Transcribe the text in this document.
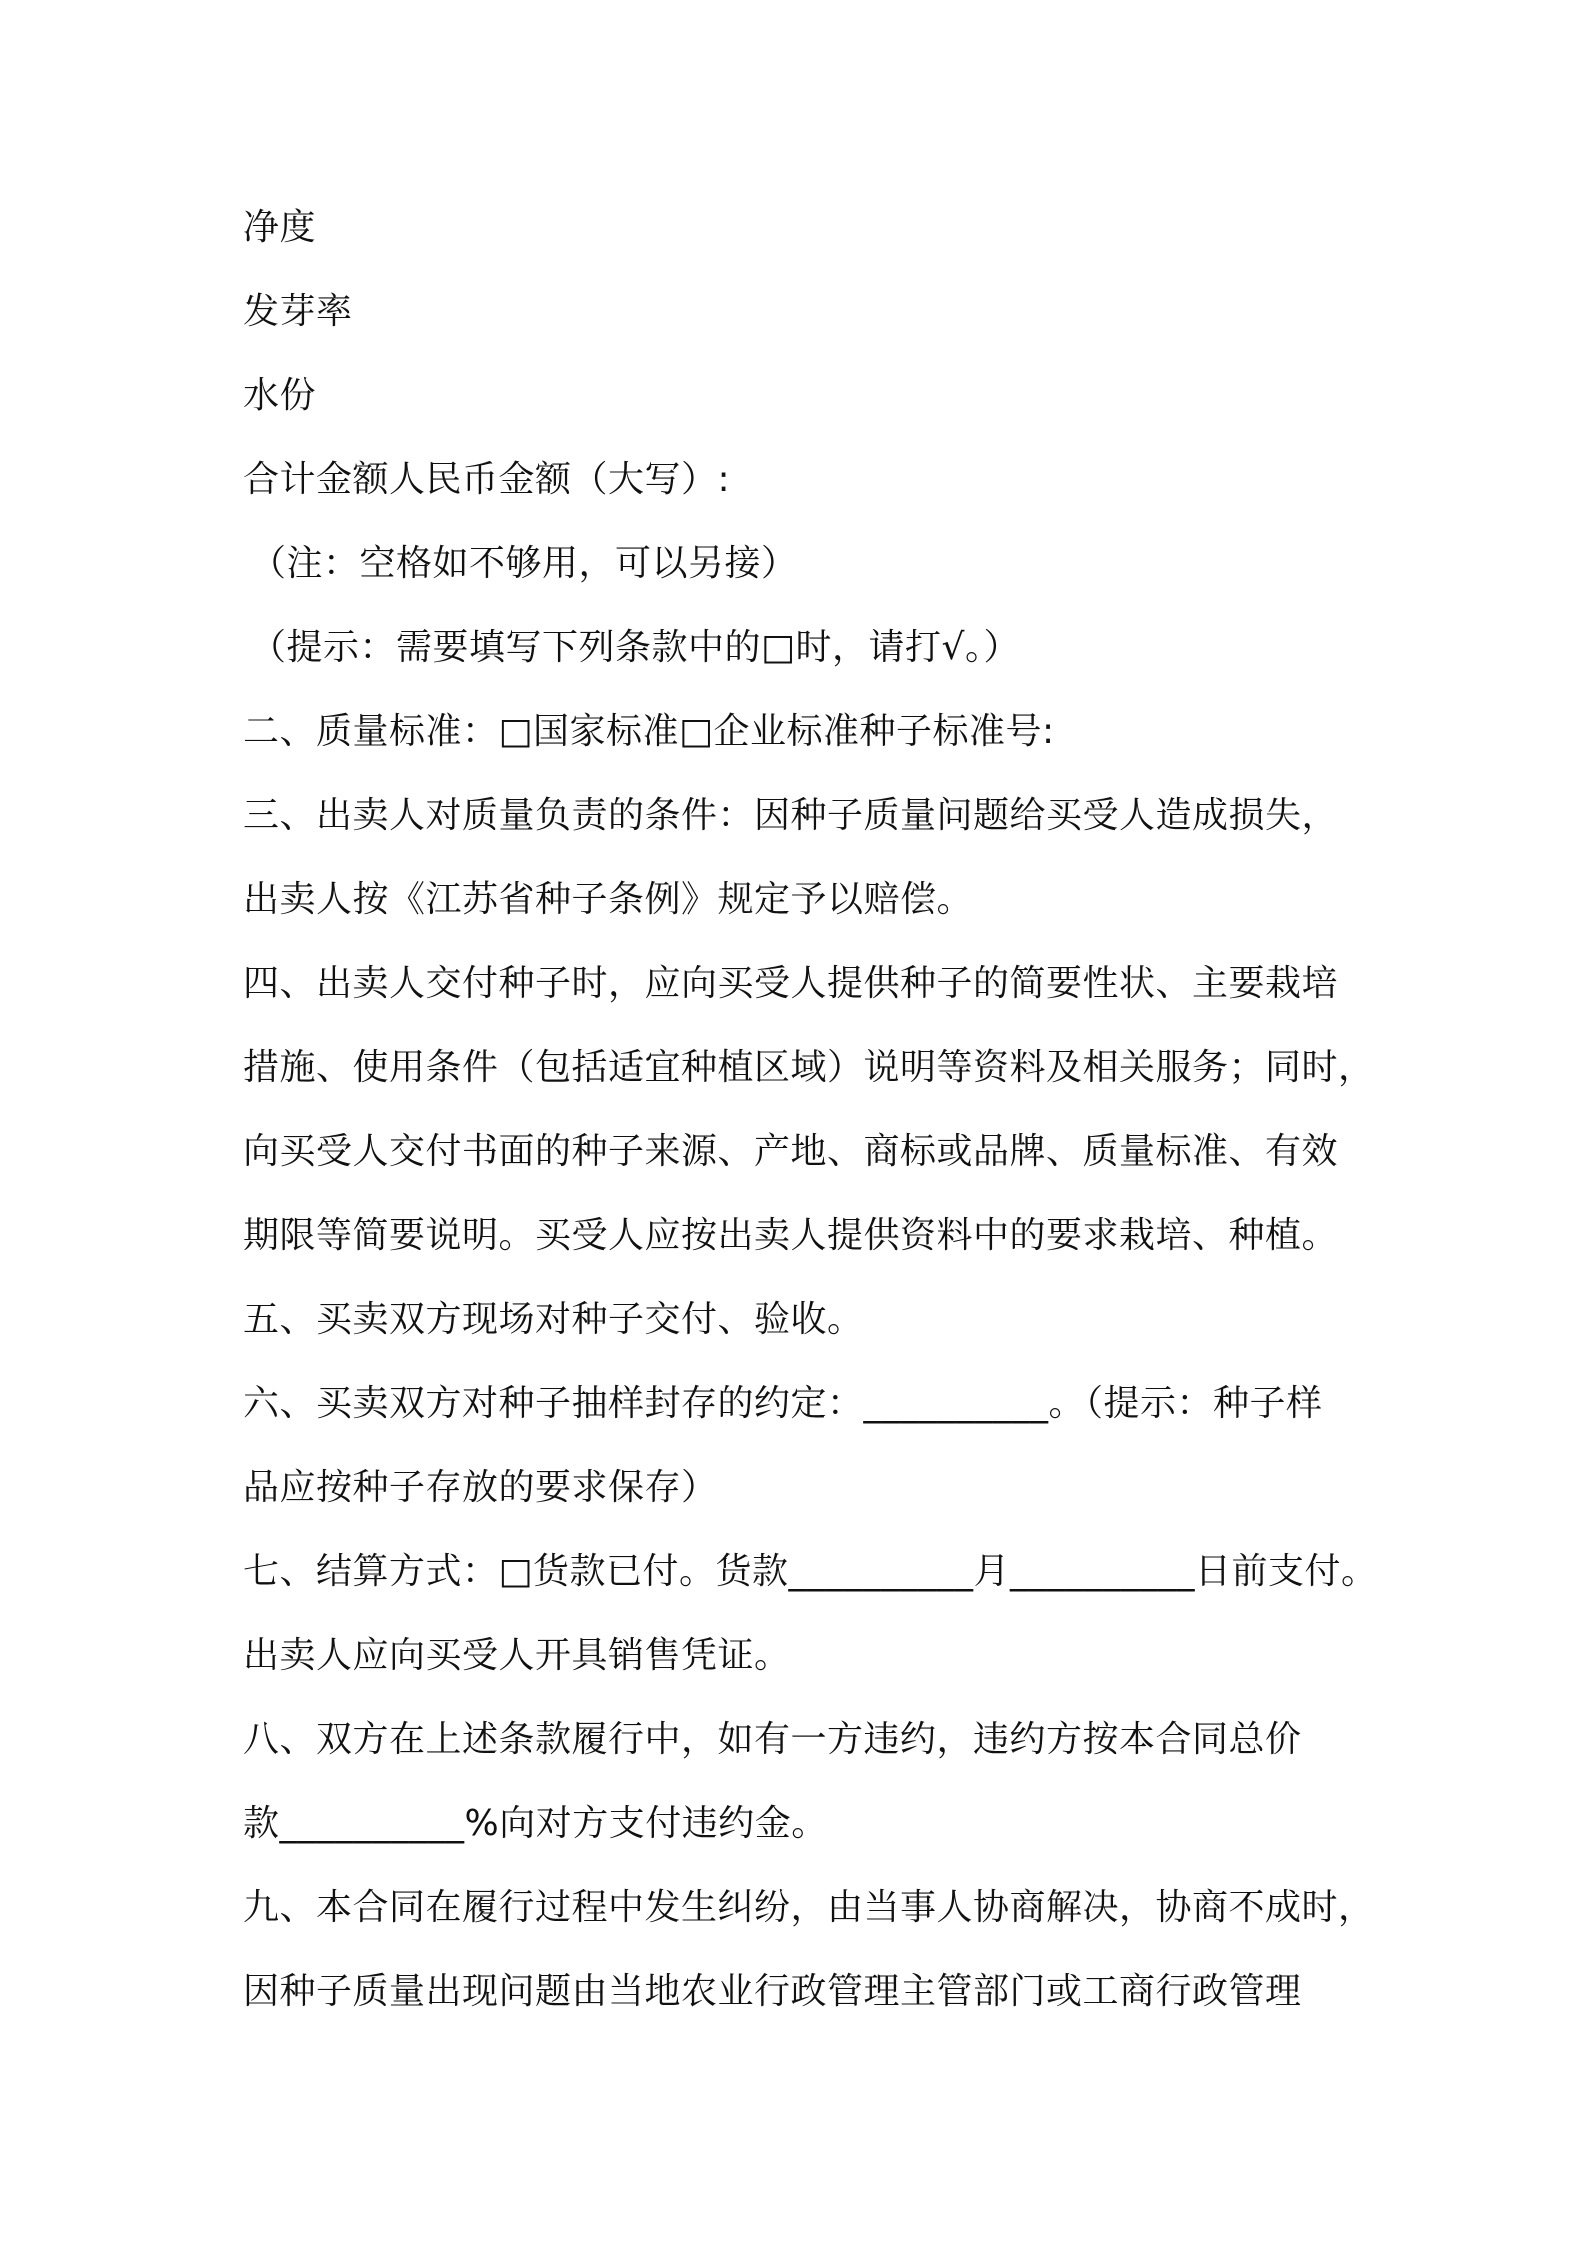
净度
发芽率
水份
合计金额人民币金额（大写）:
（注：空格如不够用，可以另接）
（提示：需要填写下列条款中的□时，请打√。）
二、质量标准：□国家标准□企业标准种子标准号:
三、出卖人对质量负责的条件：因种子质量问题给买受人造成损失，
出卖人按《江苏省种子条例》规定予以赔偿。
四、出卖人交付种子时，应向买受人提供种子的简要性状、主要栽培
措施、使用条件（包括适宜种植区域）说明等资料及相关服务；同时，
向买受人交付书面的种子来源、产地、商标或品牌、质量标准、有效
期限等简要说明。买受人应按出卖人提供资料中的要求栽培、种植。
五、买卖双方现场对种子交付、验收。
六、买卖双方对种子抽样封存的约定：__________。（提示：种子样
品应按种子存放的要求保存）
七、结算方式：□货款已付。货款__________月__________日前支付。
出卖人应向买受人开具销售凭证。
八、双方在上述条款履行中，如有一方违约，违约方按本合同总价
款__________%向对方支付违约金。
九、本合同在履行过程中发生纠纷，由当事人协商解决，协商不成时，
因种子质量出现问题由当地农业行政管理主管部门或工商行政管理
